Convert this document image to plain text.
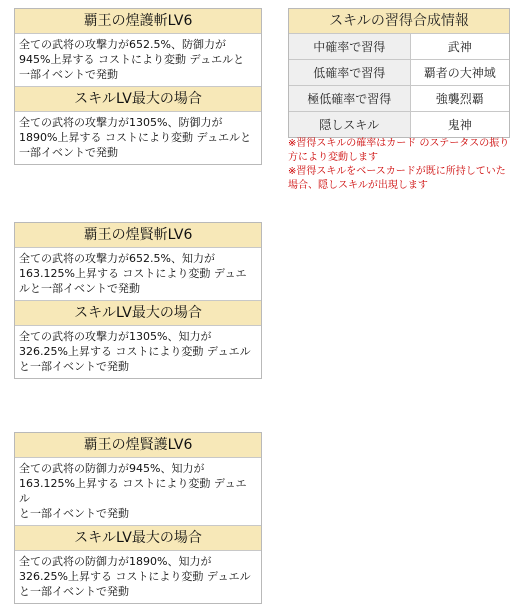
覇王の煌護斬LV6
全ての武将の攻撃力が652.5%、防御力が
945%上昇する コストにより変動 デュエルと
一部イベントで発動
スキルLV最大の場合
全ての武将の攻撃力が1305%、防御力が
1890%上昇する コストにより変動 デュエルと
一部イベントで発動
覇王の煌賢斬LV6
全ての武将の攻撃力が652.5%、知力が
163.125%上昇する コストにより変動 デュエ
ルと一部イベントで発動
スキルLV最大の場合
全ての武将の攻撃力が1305%、知力が
326.25%上昇する コストにより変動 デュエル
と一部イベントで発動
覇王の煌賢護LV6
全ての武将の防御力が945%、知力が
163.125%上昇する コストにより変動 デュエル
と一部イベントで発動
スキルLV最大の場合
全ての武将の防御力が1890%、知力が
326.25%上昇する コストにより変動 デュエル
と一部イベントで発動
スキルの習得合成情報
中確率で習得	武神
低確率で習得	覇者の大神域
極低確率で習得	強襲烈覇
隠しスキル	鬼神
※習得スキルの確率はカード のステータスの振り方により変動します
※習得スキルをベースカードが既に所持していた場合、隠しスキルが出現します
